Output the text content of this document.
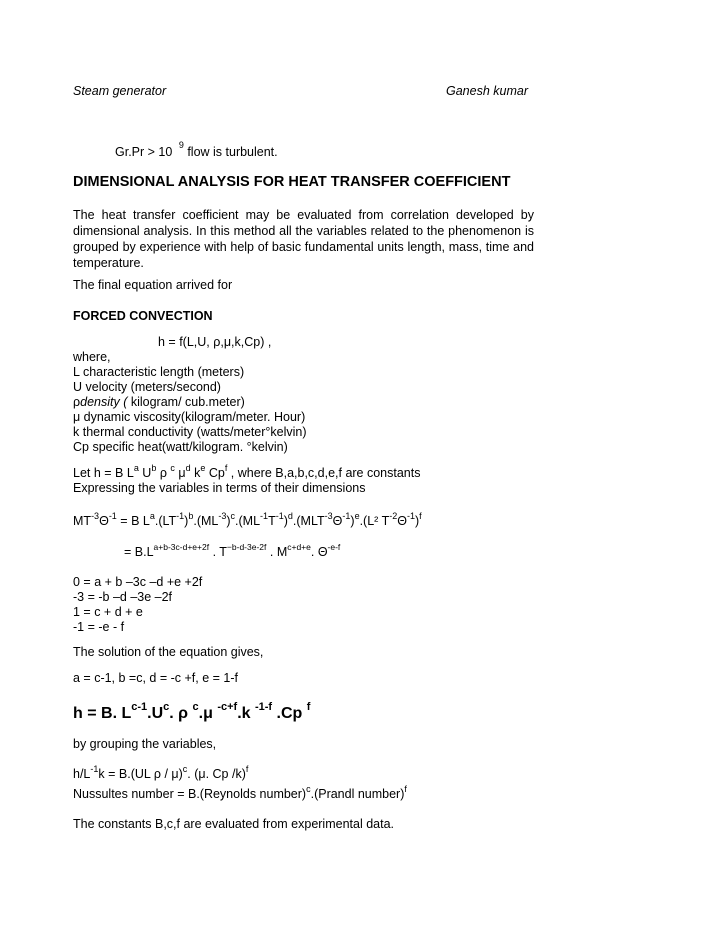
Steam generator	Ganesh kumar
Gr.Pr > 10 $^9$ flow is turbulent.
DIMENSIONAL ANALYSIS FOR HEAT TRANSFER COEFFICIENT
The heat transfer coefficient may be evaluated from correlation developed by dimensional analysis. In this method all the variables related to the phenomenon is grouped by experience with help of basic fundamental units length, mass, time and temperature.
The final equation arrived for
FORCED CONVECTION
h = f(L,U, ρ,μ,k,Cp) ,
where,
L characteristic length (meters)
U velocity (meters/second)
ρdensity ( kilogram/ cub.meter)
μ dynamic viscosity(kilogram/meter. Hour)
k thermal conductivity (watts/meter°kelvin)
Cp specific heat(watt/kilogram. °kelvin)
Let h = B $L^a$ $U^b$ ρ $^c$ $\mu^d$ $k^e$ Cp$^f$ , where B,a,b,c,d,e,f are constants
Expressing the variables in terms of their dimensions
$MT^{-3}\Theta^{-1} = B$ $L^a.(LT^{-1})^b.(ML^{-3})^c.(ML^{-1}T^{-1})^d.(MLT^{-3}\Theta^{-1})^e.(L^2$ $T^{-2}\Theta^{-1})^f$
= $B.L^{a+b-3c-d+e+2f}$ . $T^{-b-d-3e-2f}$ . $M^{c+d+e}$. $\Theta^{-e-f}$
0 = a + b –3c –d +e +2f
-3 = -b –d –3e –2f
1 = c + d + e
-1 = -e - f
The solution of the equation gives,
a = c-1, b =c, d = -c +f, e = 1-f
h = B. $L^{c-1}.U^c$. ρ $^c$.μ $^{-c+f}$.k $^{-1-f}$ .Cp $^f$
by grouping the variables,
$h/L^{-1}k = B.(UL$ ρ / μ)$^c$. (μ. Cp /k)$^f$
Nussultes number = B.(Reynolds number)$^c$.(Prandl number)$^f$
The constants B,c,f are evaluated from experimental data.
